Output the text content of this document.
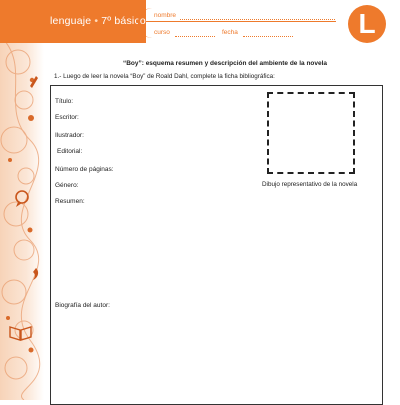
lenguaje • 7º básico nombre
curso	fecha	L
“Boy”: esquema resumen y descripción del ambiente de la novela
1.- Luego de leer la novela “Boy” de Roald Dahl, complete la ficha bibliográfica:
Título:
Escritor:
Ilustrador:
Editorial:
Número de páginas:
Género:
Resumen:
Biografía del autor:
Dibujo representativo de la novela
